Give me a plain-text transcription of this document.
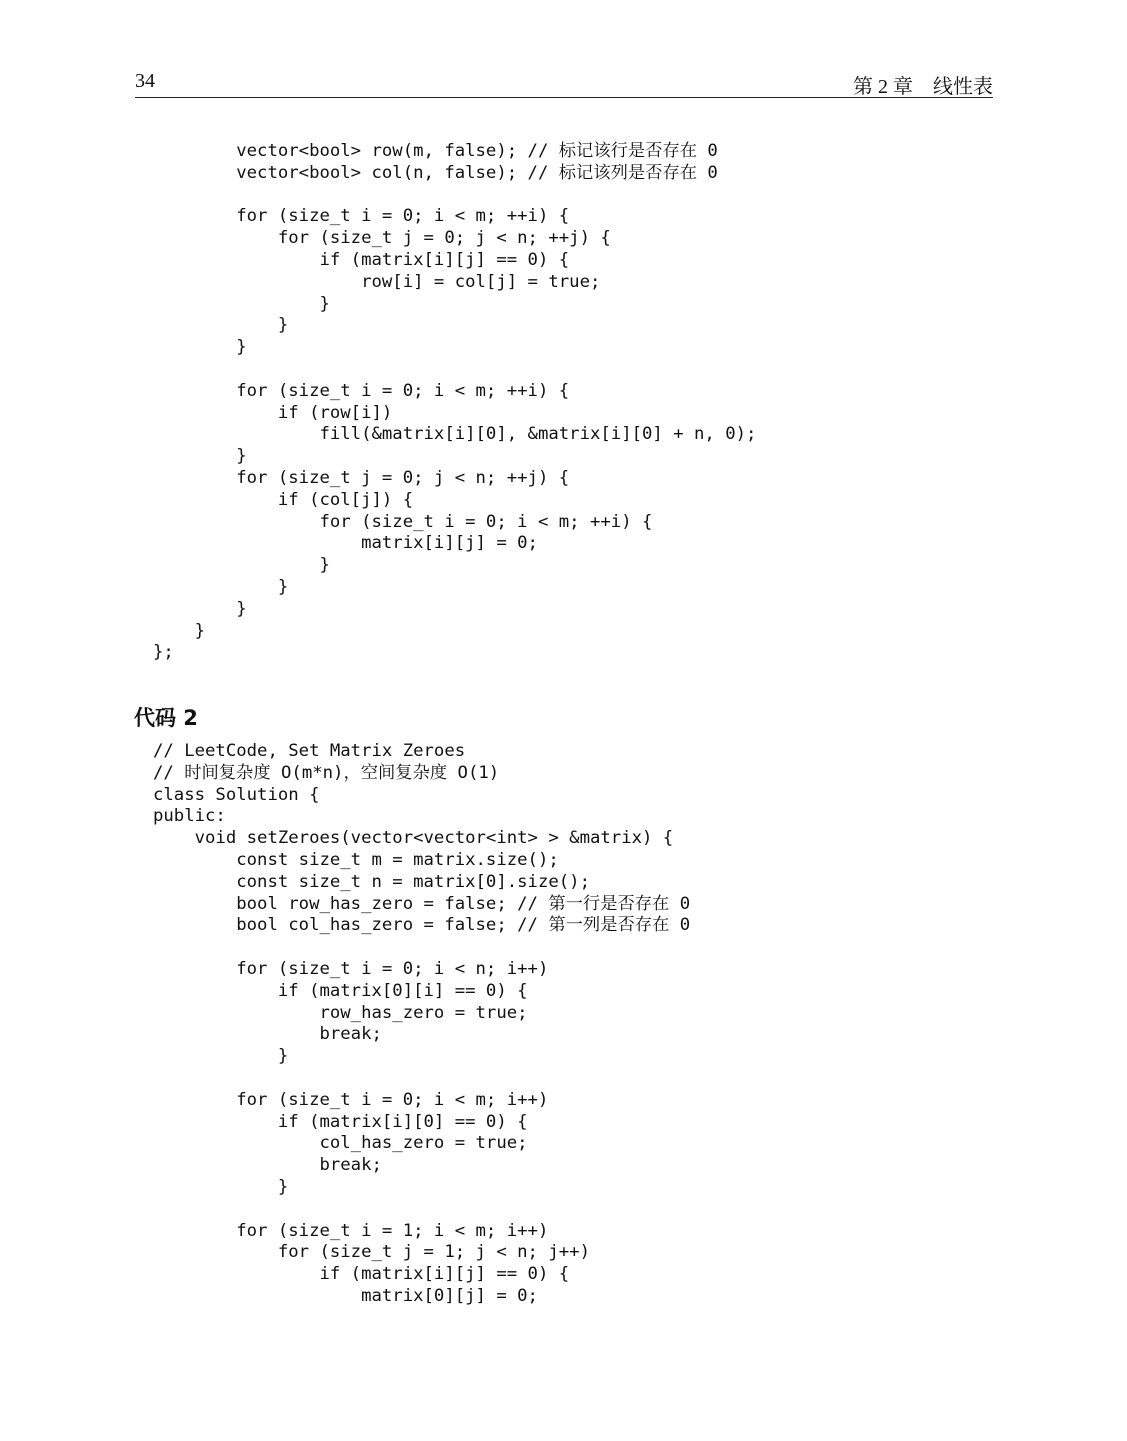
34	第 2 章　线性表
vector<bool> row(m, false); // 标记该行是否存在 0
vector<bool> col(n, false); // 标记该列是否存在 0
for (size_t i = 0; i < m; ++i) {
for (size_t j = 0; j < n; ++j) {
if (matrix[i][j] == 0) {
row[i] = col[j] = true;
}
}
}
for (size_t i = 0; i < m; ++i) {
if (row[i])
fill(&matrix[i][0], &matrix[i][0] + n, 0);
}
for (size_t j = 0; j < n; ++j) {
if (col[j]) {
for (size_t i = 0; i < m; ++i) {
matrix[i][j] = 0;
}
}
}
}
};
代码 2
// LeetCode, Set Matrix Zeroes
// 时间复杂度 O(m*n)，空间复杂度 O(1)
class Solution {
public:
void setZeroes(vector<vector<int> > &matrix) {
const size_t m = matrix.size();
const size_t n = matrix[0].size();
bool row_has_zero = false; // 第一行是否存在 0
bool col_has_zero = false; // 第一列是否存在 0
for (size_t i = 0; i < n; i++)
if (matrix[0][i] == 0) {
row_has_zero = true;
break;
}
for (size_t i = 0; i < m; i++)
if (matrix[i][0] == 0) {
col_has_zero = true;
break;
}
for (size_t i = 1; i < m; i++)
for (size_t j = 1; j < n; j++)
if (matrix[i][j] == 0) {
matrix[0][j] = 0;
